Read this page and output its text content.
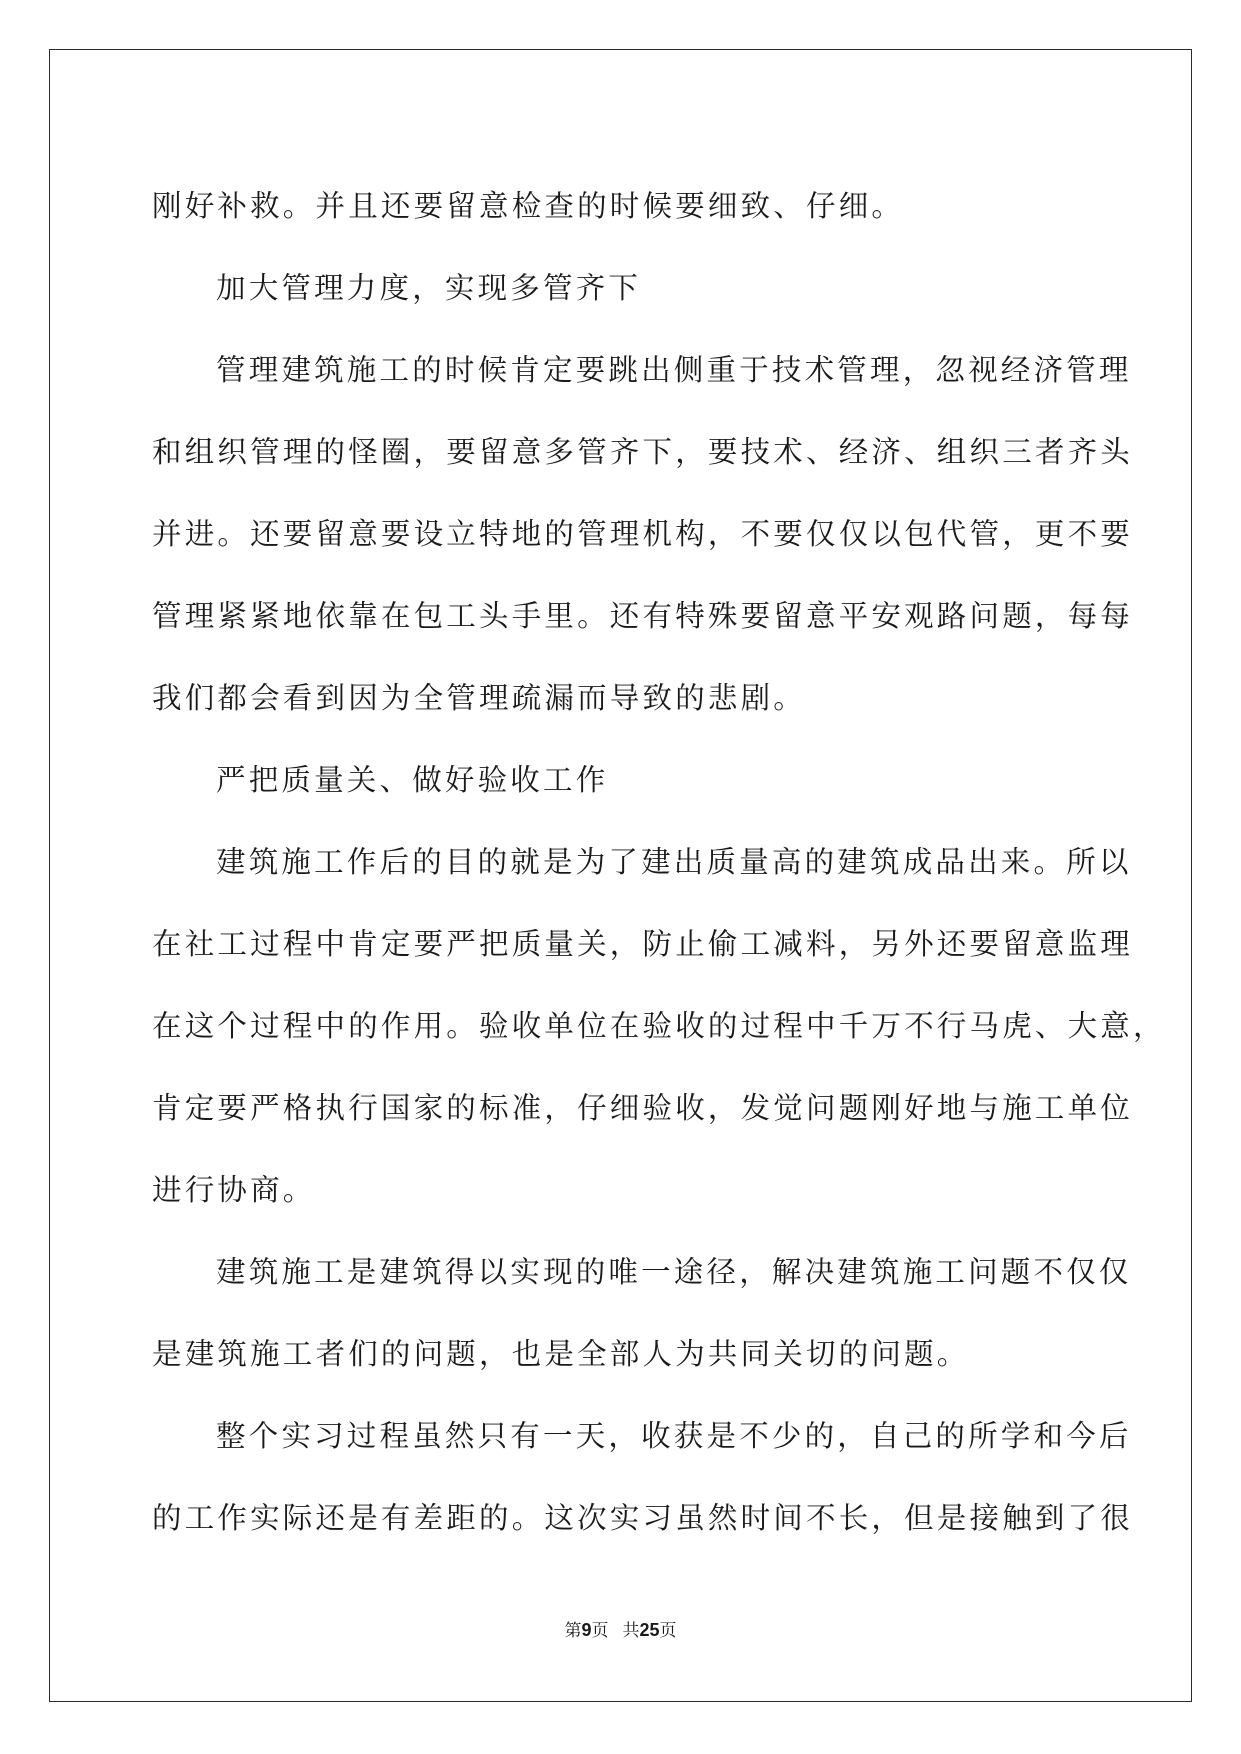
刚好补救。并且还要留意检查的时候要细致、仔细。
加大管理力度，实现多管齐下
管理建筑施工的时候肯定要跳出侧重于技术管理，忽视经济管理
和组织管理的怪圈，要留意多管齐下，要技术、经济、组织三者齐头
并进。还要留意要设立特地的管理机构，不要仅仅以包代管，更不要
管理紧紧地依靠在包工头手里。还有特殊要留意平安观路问题，每每
我们都会看到因为全管理疏漏而导致的悲剧。
严把质量关、做好验收工作
建筑施工作后的目的就是为了建出质量高的建筑成品出来。所以
在社工过程中肯定要严把质量关，防止偷工减料，另外还要留意监理
在这个过程中的作用。验收单位在验收的过程中千万不行马虎、大意，
肯定要严格执行国家的标准，仔细验收，发觉问题刚好地与施工单位
进行协商。
建筑施工是建筑得以实现的唯一途径，解决建筑施工问题不仅仅
是建筑施工者们的问题，也是全部人为共同关切的问题。
整个实习过程虽然只有一天，收获是不少的，自己的所学和今后
的工作实际还是有差距的。这次实习虽然时间不长，但是接触到了很
第9页 共25页
